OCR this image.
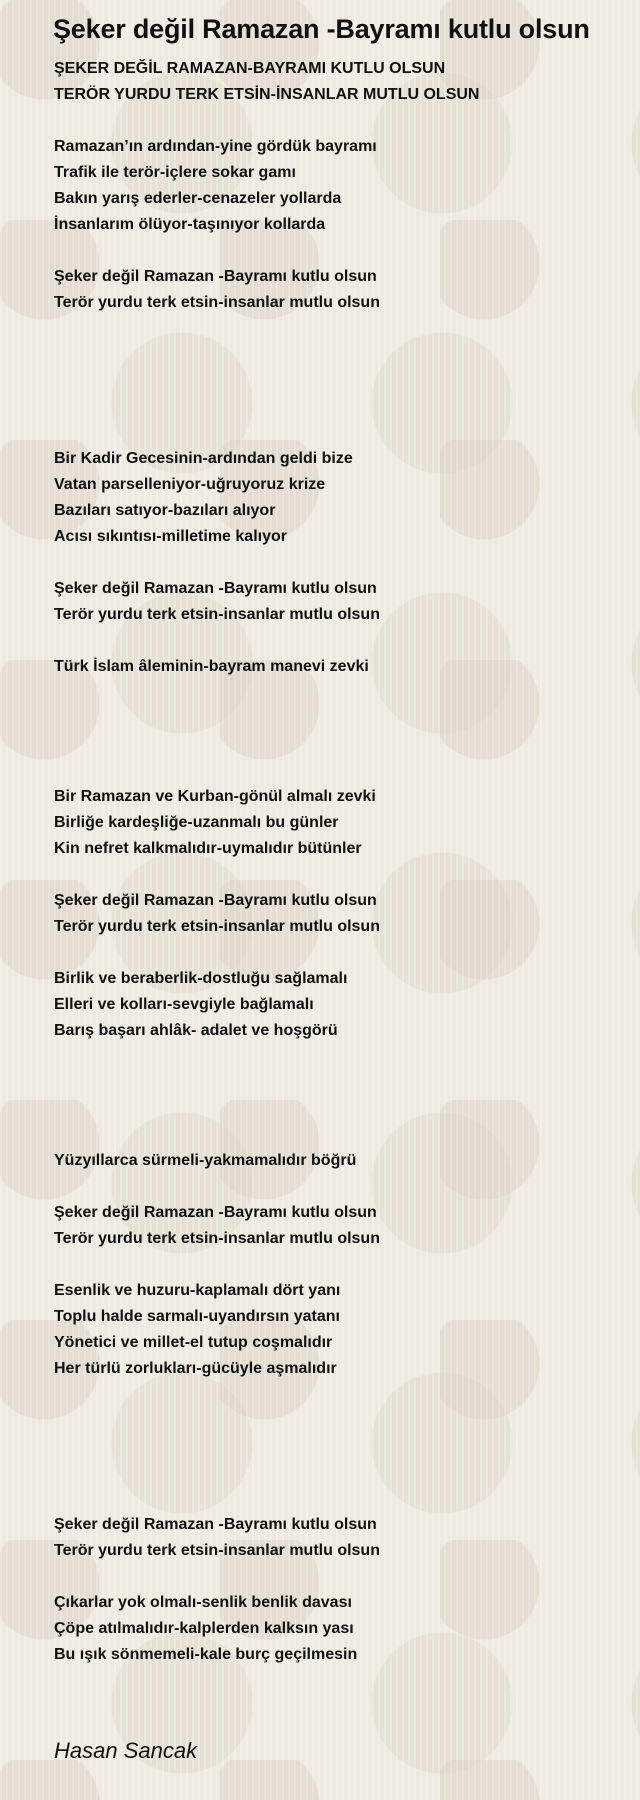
Şeker değil Ramazan -Bayramı kutlu olsun
ŞEKER DEĞİL RAMAZAN-BAYRAMI KUTLU OLSUN
TERÖR YURDU TERK ETSİN-İNSANLAR MUTLU OLSUN

Ramazan’ın ardından-yine gördük bayramı
Trafik ile terör-içlere sokar gamı
Bakın yarış ederler-cenazeler yollarda
İnsanlarım ölüyor-taşınıyor kollarda

Şeker değil Ramazan -Bayramı kutlu olsun
Terör yurdu terk etsin-insanlar mutlu olsun

Bir Kadir Gecesinin-ardından geldi bize
Vatan parselleniyor-uğruyoruz krize
Bazıları satıyor-bazıları alıyor
Acısı sıkıntısı-milletime kalıyor

Şeker değil Ramazan -Bayramı kutlu olsun
Terör yurdu terk etsin-insanlar mutlu olsun

Türk İslam âleminin-bayram manevi zevki

Bir Ramazan ve Kurban-gönül almalı zevki
Birliğe kardeşliğe-uzanmalı bu günler
Kin nefret kalkmalıdır-uymalıdır bütünler

Şeker değil Ramazan -Bayramı kutlu olsun
Terör yurdu terk etsin-insanlar mutlu olsun

Birlik ve beraberlik-dostluğu sağlamalı
Elleri ve kolları-sevgiyle bağlamalı
Barış başarı ahlâk- adalet ve hoşgörü

Yüzyıllarca sürmeli-yakmamalıdır böğrü

Şeker değil Ramazan -Bayramı kutlu olsun
Terör yurdu terk etsin-insanlar mutlu olsun

Esenlik ve huzuru-kaplamalı dört yanı
Toplu halde sarmalı-uyandırsın yatanı
Yönetici ve millet-el tutup coşmalıdır
Her türlü zorlukları-gücüyle aşmalıdır

Şeker değil Ramazan -Bayramı kutlu olsun
Terör yurdu terk etsin-insanlar mutlu olsun

Çıkarlar yok olmalı-senlik benlik davası
Çöpe atılmalıdır-kalplerden kalksın yası
Bu ışık sönmemeli-kale burç geçilmesin
Hasan Sancak
